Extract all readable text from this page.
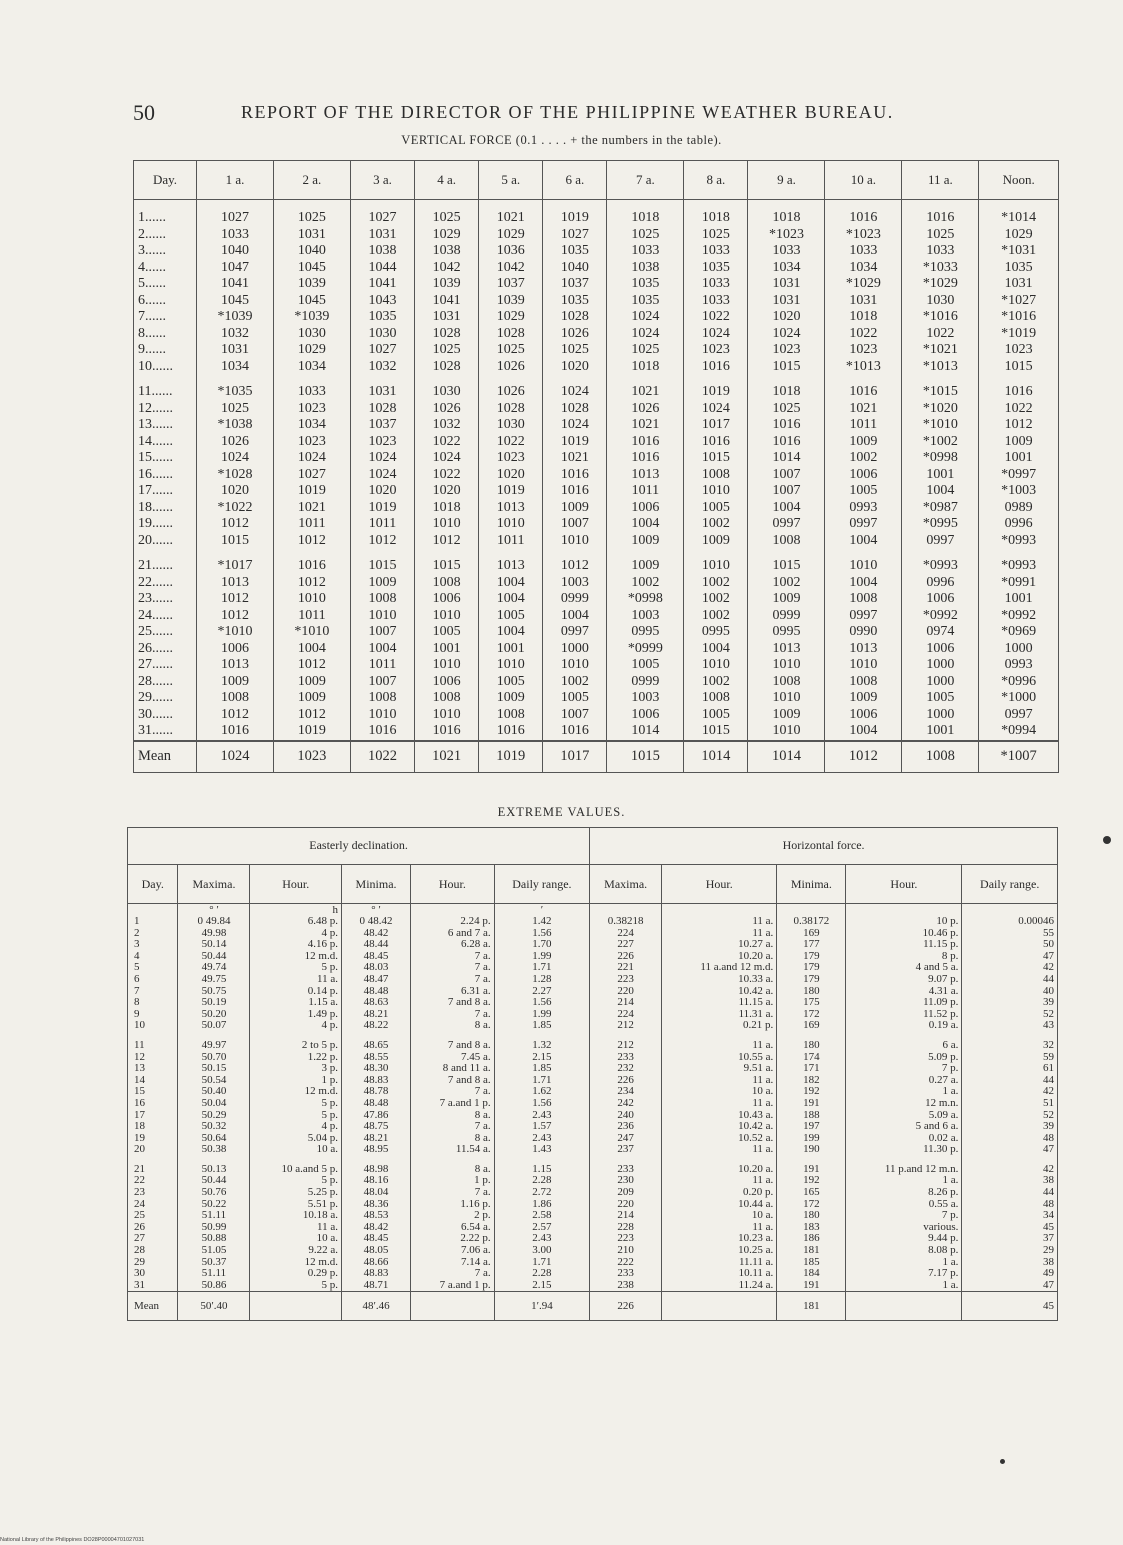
50	REPORT OF THE DIRECTOR OF THE PHILIPPINE WEATHER BUREAU.
VERTICAL FORCE (0.1 . . . . + the numbers in the table).
Day.	1 a.	2 a.	3 a.	4 a.	5 a.	6 a.	7 a.	8 a.	9 a.	10 a.	11 a.	Noon.
1......	1027	1025	1027	1025	1021	1019	1018	1018	1018	1016	1016	*1014
2......	1033	1031	1031	1029	1029	1027	1025	1025	*1023	*1023	1025	1029
3......	1040	1040	1038	1038	1036	1035	1033	1033	1033	1033	1033	*1031
4......	1047	1045	1044	1042	1042	1040	1038	1035	1034	1034	*1033	1035
5......	1041	1039	1041	1039	1037	1037	1035	1033	1031	*1029	*1029	1031
6......	1045	1045	1043	1041	1039	1035	1035	1033	1031	1031	1030	*1027
7......	*1039	*1039	1035	1031	1029	1028	1024	1022	1020	1018	*1016	*1016
8......	1032	1030	1030	1028	1028	1026	1024	1024	1024	1022	1022	*1019
9......	1031	1029	1027	1025	1025	1025	1025	1023	1023	1023	*1021	1023
10......	1034	1034	1032	1028	1026	1020	1018	1016	1015	*1013	*1013	1015

11......	*1035	1033	1031	1030	1026	1024	1021	1019	1018	1016	*1015	1016
12......	1025	1023	1028	1026	1028	1028	1026	1024	1025	1021	*1020	1022
13......	*1038	1034	1037	1032	1030	1024	1021	1017	1016	1011	*1010	1012
14......	1026	1023	1023	1022	1022	1019	1016	1016	1016	1009	*1002	1009
15......	1024	1024	1024	1024	1023	1021	1016	1015	1014	1002	*0998	1001
16......	*1028	1027	1024	1022	1020	1016	1013	1008	1007	1006	1001	*0997
17......	1020	1019	1020	1020	1019	1016	1011	1010	1007	1005	1004	*1003
18......	*1022	1021	1019	1018	1013	1009	1006	1005	1004	0993	*0987	0989
19......	1012	1011	1011	1010	1010	1007	1004	1002	0997	0997	*0995	0996
20......	1015	1012	1012	1012	1011	1010	1009	1009	1008	1004	0997	*0993

21......	*1017	1016	1015	1015	1013	1012	1009	1010	1015	1010	*0993	*0993
22......	1013	1012	1009	1008	1004	1003	1002	1002	1002	1004	0996	*0991
23......	1012	1010	1008	1006	1004	0999	*0998	1002	1009	1008	1006	1001
24......	1012	1011	1010	1010	1005	1004	1003	1002	0999	0997	*0992	*0992
25......	*1010	*1010	1007	1005	1004	0997	0995	0995	0995	0990	0974	*0969
26......	1006	1004	1004	1001	1001	1000	*0999	1004	1013	1013	1006	1000
27......	1013	1012	1011	1010	1010	1010	1005	1010	1010	1010	1000	0993
28......	1009	1009	1007	1006	1005	1002	0999	1002	1008	1008	1000	*0996
29......	1008	1009	1008	1008	1009	1005	1003	1008	1010	1009	1005	*1000
30......	1012	1012	1010	1010	1008	1007	1006	1005	1009	1006	1000	0997
31......	1016	1019	1016	1016	1016	1016	1014	1015	1010	1004	1001	*0994
Mean	1024	1023	1022	1021	1019	1017	1015	1014	1014	1012	1008	*1007
EXTREME VALUES.
Easterly declination.						Horizontal force.				
Day.	Maxima.	Hour.	Minima.	Hour.	Daily range.	Maxima.	Hour.	Minima.	Hour.	Daily range.
	° ′	h	° ′		′					
1	0 49.84	6.48 p.	0 48.42	2.24 p.	1.42	0.38218	11 a.	0.38172	10 p.	0.00046
2	49.98	4 p.	48.42	6 and 7 a.	1.56	224	11 a.	169	10.46 p.	55
3	50.14	4.16 p.	48.44	6.28 a.	1.70	227	10.27 a.	177	11.15 p.	50
4	50.44	12 m.d.	48.45	7 a.	1.99	226	10.20 a.	179	8 p.	47
5	49.74	5 p.	48.03	7 a.	1.71	221	11 a.and 12 m.d.	179	4 and 5 a.	42
6	49.75	11 a.	48.47	7 a.	1.28	223	10.33 a.	179	9.07 p.	44
7	50.75	0.14 p.	48.48	6.31 a.	2.27	220	10.42 a.	180	4.31 a.	40
8	50.19	1.15 a.	48.63	7 and 8 a.	1.56	214	11.15 a.	175	11.09 p.	39
9	50.20	1.49 p.	48.21	7 a.	1.99	224	11.31 a.	172	11.52 p.	52
10	50.07	4 p.	48.22	8 a.	1.85	212	0.21 p.	169	0.19 a.	43

11	49.97	2 to 5 p.	48.65	7 and 8 a.	1.32	212	11 a.	180	6 a.	32
12	50.70	1.22 p.	48.55	7.45 a.	2.15	233	10.55 a.	174	5.09 p.	59
13	50.15	3 p.	48.30	8 and 11 a.	1.85	232	9.51 a.	171	7 p.	61
14	50.54	1 p.	48.83	7 and 8 a.	1.71	226	11 a.	182	0.27 a.	44
15	50.40	12 m.d.	48.78	7 a.	1.62	234	10 a.	192	1 a.	42
16	50.04	5 p.	48.48	7 a.and 1 p.	1.56	242	11 a.	191	12 m.n.	51
17	50.29	5 p.	47.86	8 a.	2.43	240	10.43 a.	188	5.09 a.	52
18	50.32	4 p.	48.75	7 a.	1.57	236	10.42 a.	197	5 and 6 a.	39
19	50.64	5.04 p.	48.21	8 a.	2.43	247	10.52 a.	199	0.02 a.	48
20	50.38	10 a.	48.95	11.54 a.	1.43	237	11 a.	190	11.30 p.	47

21	50.13	10 a.and 5 p.	48.98	8 a.	1.15	233	10.20 a.	191	11 p.and 12 m.n.	42
22	50.44	5 p.	48.16	1 p.	2.28	230	11 a.	192	1 a.	38
23	50.76	5.25 p.	48.04	7 a.	2.72	209	0.20 p.	165	8.26 p.	44
24	50.22	5.51 p.	48.36	1.16 p.	1.86	220	10.44 a.	172	0.55 a.	48
25	51.11	10.18 a.	48.53	2 p.	2.58	214	10 a.	180	7 p.	34
26	50.99	11 a.	48.42	6.54 a.	2.57	228	11 a.	183	various.	45
27	50.88	10 a.	48.45	2.22 p.	2.43	223	10.23 a.	186	9.44 p.	37
28	51.05	9.22 a.	48.05	7.06 a.	3.00	210	10.25 a.	181	8.08 p.	29
29	50.37	12 m.d.	48.66	7.14 a.	1.71	222	11.11 a.	185	1 a.	38
30	51.11	0.29 p.	48.83	7 a.	2.28	233	10.11 a.	184	7.17 p.	49
31	50.86	5 p.	48.71	7 a.and 1 p.	2.15	238	11.24 a.	191	1 a.	47
Mean	50′.40		48′.46		1′.94	226		181		45
National Library of the Philippines DO28P00004701027031
